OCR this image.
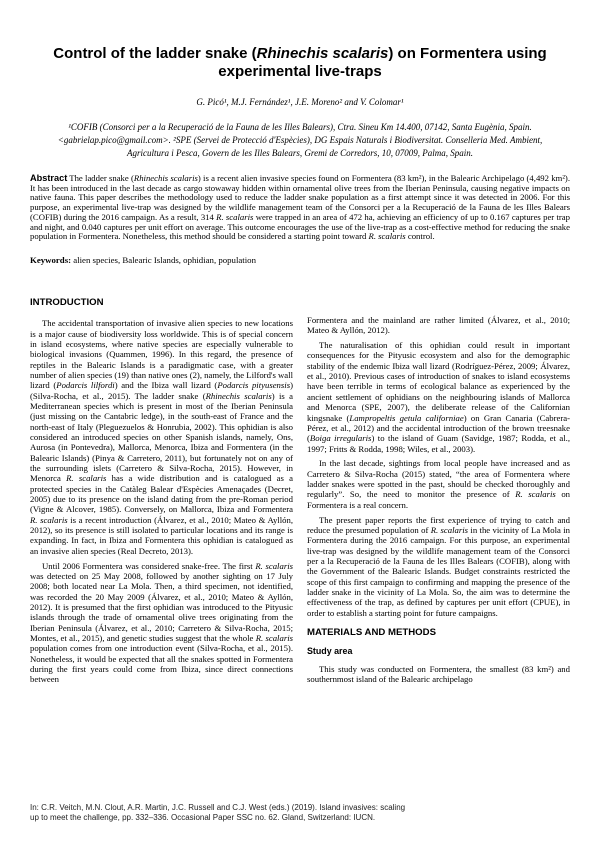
Control of the ladder snake (Rhinechis scalaris) on Formentera using experimental live-traps
G. Picó¹, M.J. Fernández¹, J.E. Moreno² and V. Colomar¹
¹COFIB (Consorci per a la Recuperació de la Fauna de les Illes Balears), Ctra. Sineu Km 14.400, 07142, Santa Eugènia, Spain. <gabrielap.pico@gmail.com>. ²SPE (Servei de Protecció d'Espècies), DG Espais Naturals i Biodiversitat. Conselleria Med. Ambient, Agricultura i Pesca, Govern de les Illes Balears, Gremi de Corredors, 10, 07009, Palma, Spain.

Abstract The ladder snake (Rhinechis scalaris) is a recent alien invasive species found on Formentera (83 km²), in the Balearic Archipelago (4,492 km²). It has been introduced in the last decade as cargo stowaway hidden within ornamental olive trees from the Iberian Peninsula, causing negative impacts on native fauna. This paper describes the methodology used to reduce the ladder snake population as a first attempt since it was detected in 2006. For this purpose, an experimental live-trap was designed by the wildlife management team of the Consorci per a la Recuperació de la Fauna de les Illes Balears (COFIB) during the 2016 campaign. As a result, 314 R. scalaris were trapped in an area of 472 ha, achieving an efficiency of up to 0.167 captures per trap and night, and 0.040 captures per unit effort on average. This outcome encourages the use of the live-trap as a cost-effective method for reducing the snake population in Formentera. Nonetheless, this method should be considered a starting point toward R. scalaris control.

Keywords: alien species, Balearic Islands, ophidian, population

INTRODUCTION

The accidental transportation of invasive alien species to new locations is a major cause of biodiversity loss worldwide. This is of special concern in island ecosystems, where native species are especially vulnerable to biological invasions (Quammen, 1996). In this regard, the presence of reptiles in the Balearic Islands is a paradigmatic case, with a greater number of alien species (19) than native ones (2), namely, the Lilford's wall lizard (Podarcis lilfordi) and the Ibiza wall lizard (Podarcis pityusensis) (Silva-Rocha, et al., 2015). The ladder snake (Rhinechis scalaris) is a Mediterranean species which is present in most of the Iberian Peninsula (just missing on the Cantabric ledge), in the south-east of France and the north-east of Italy (Pleguezuelos & Honrubia, 2002). This ophidian is also considered an introduced species on other Spanish islands, namely, Ons, Aurosa (in Pontevedra), Mallorca, Menorca, Ibiza and Formentera (in the Balearic Islands) (Pinya & Carretero, 2011), but fortunately not on any of the surrounding islets (Carretero & Silva-Rocha, 2015). However, in Menorca R. scalaris has a wide distribution and is catalogued as a protected species in the Catàleg Balear d'Espècies Amenaçades (Decret, 2005) due to its presence on the island dating from the pre-Roman period (Vigne & Alcover, 1985). Conversely, on Mallorca, Ibiza and Formentera R. scalaris is a recent introduction (Álvarez, et al., 2010; Mateo & Ayllón, 2012), so its presence is still isolated to particular locations and its range is expanding. In fact, in Ibiza and Formentera this ophidian is catalogued as an invasive alien species (Real Decreto, 2013).

Until 2006 Formentera was considered snake-free. The first R. scalaris was detected on 25 May 2008, followed by another sighting on 17 July 2008; both located near La Mola. Then, a third specimen, not identified, was recorded the 20 May 2009 (Álvarez, et al., 2010; Mateo & Ayllón, 2012). It is presumed that the first ophidian was introduced to the Pityusic islands through the trade of ornamental olive trees originating from the Iberian Peninsula (Álvarez, et al., 2010; Carretero & Silva-Rocha, 2015; Montes, et al., 2015), and genetic studies suggest that the whole R. scalaris population comes from one introduction event (Silva-Rocha, et al., 2015). Nonetheless, it would be expected that all the snakes spotted in Formentera during the first years could come from Ibiza, since direct connections between

Formentera and the mainland are rather limited (Álvarez, et al., 2010; Mateo & Ayllón, 2012).

The naturalisation of this ophidian could result in important consequences for the Pityusic ecosystem and also for the demographic stability of the endemic Ibiza wall lizard (Rodríguez-Pérez, 2009; Álvarez, et al., 2010). Previous cases of introduction of snakes to island ecosystems have been terrible in terms of ecological balance as experienced by the ancient settlement of ophidians on the neighbouring islands of Mallorca and Menorca (SPE, 2007), the deliberate release of the Californian kingsnake (Lampropeltis getula californiae) on Gran Canaria (Cabrera-Pérez, et al., 2012) and the accidental introduction of the brown treesnake (Boiga irregularis) to the island of Guam (Savidge, 1987; Rodda, et al., 1997; Fritts & Rodda, 1998; Wiles, et al., 2003).

In the last decade, sightings from local people have increased and as Carretero & Silva-Rocha (2015) stated, “the area of Formentera where ladder snakes were spotted in the past, should be checked thoroughly and regularly”. So, the need to monitor the presence of R. scalaris on Formentera is a real concern.

The present paper reports the first experience of trying to catch and reduce the presumed population of R. scalaris in the vicinity of La Mola in Formentera during the 2016 campaign. For this purpose, an experimental live-trap was designed by the wildlife management team of the Consorci per a la Recuperació de la Fauna de les Illes Balears (COFIB), along with the Government of the Balearic Islands. Budget constraints restricted the scope of this first campaign to confirming and mapping the presence of the ladder snake in the vicinity of La Mola. So, the aim was to determine the effectiveness of the trap, as defined by captures per unit effort (CPUE), in order to establish a starting point for future campaigns.

MATERIALS AND METHODS
Study area

This study was conducted on Formentera, the smallest (83 km²) and southernmost island of the Balearic archipelago

In: C.R. Veitch, M.N. Clout, A.R. Martin, J.C. Russell and C.J. West (eds.) (2019). Island invasives: scaling
up to meet the challenge, pp. 332–336. Occasional Paper SSC no. 62. Gland, Switzerland: IUCN.
